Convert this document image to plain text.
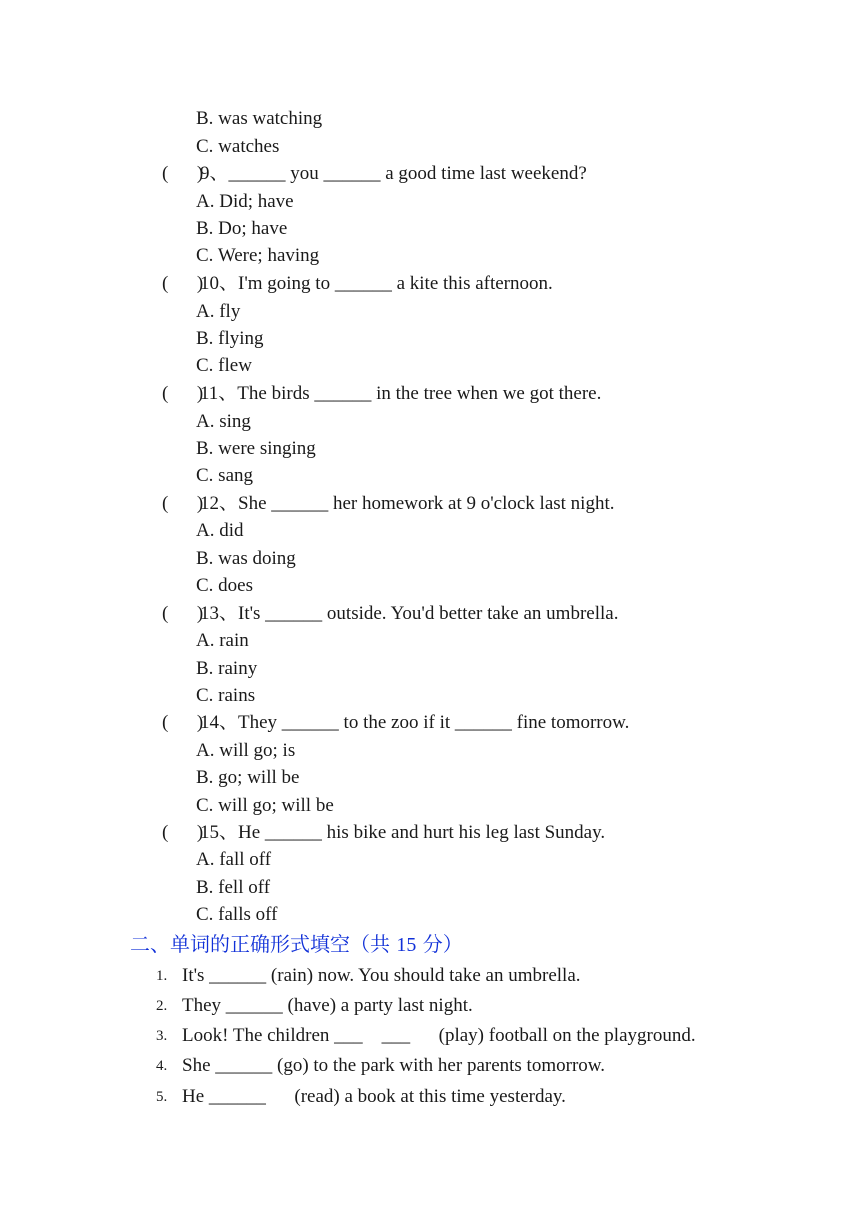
B. was watching
C. watches
(      )
9、______ you ______ a good time last weekend?
A. Did; have
B. Do; have
C. Were; having
(      )
10、I'm going to ______ a kite this afternoon.
A. fly
B. flying
C. flew
(      )
11、The birds ______ in the tree when we got there.
A. sing
B. were singing
C. sang
(      )
12、She ______ her homework at 9 o'clock last night.
A. did
B. was doing
C. does
(      )
13、It's ______ outside. You'd better take an umbrella.
A. rain
B. rainy
C. rains
(      )
14、They ______ to the zoo if it ______ fine tomorrow.
A. will go; is
B. go; will be
C. will go; will be
(      )
15、He ______ his bike and hurt his leg last Sunday.
A. fall off
B. fell off
C. falls off
二、单词的正确形式填空（共 15 分）
1. It's ______ (rain) now. You should take an umbrella.
2. They ______ (have) a party last night.
3. Look! The children ___    ___      (play) football on the playground.
4. She ______ (go) to the park with her parents tomorrow.
5. He ______      (read) a book at this time yesterday.
